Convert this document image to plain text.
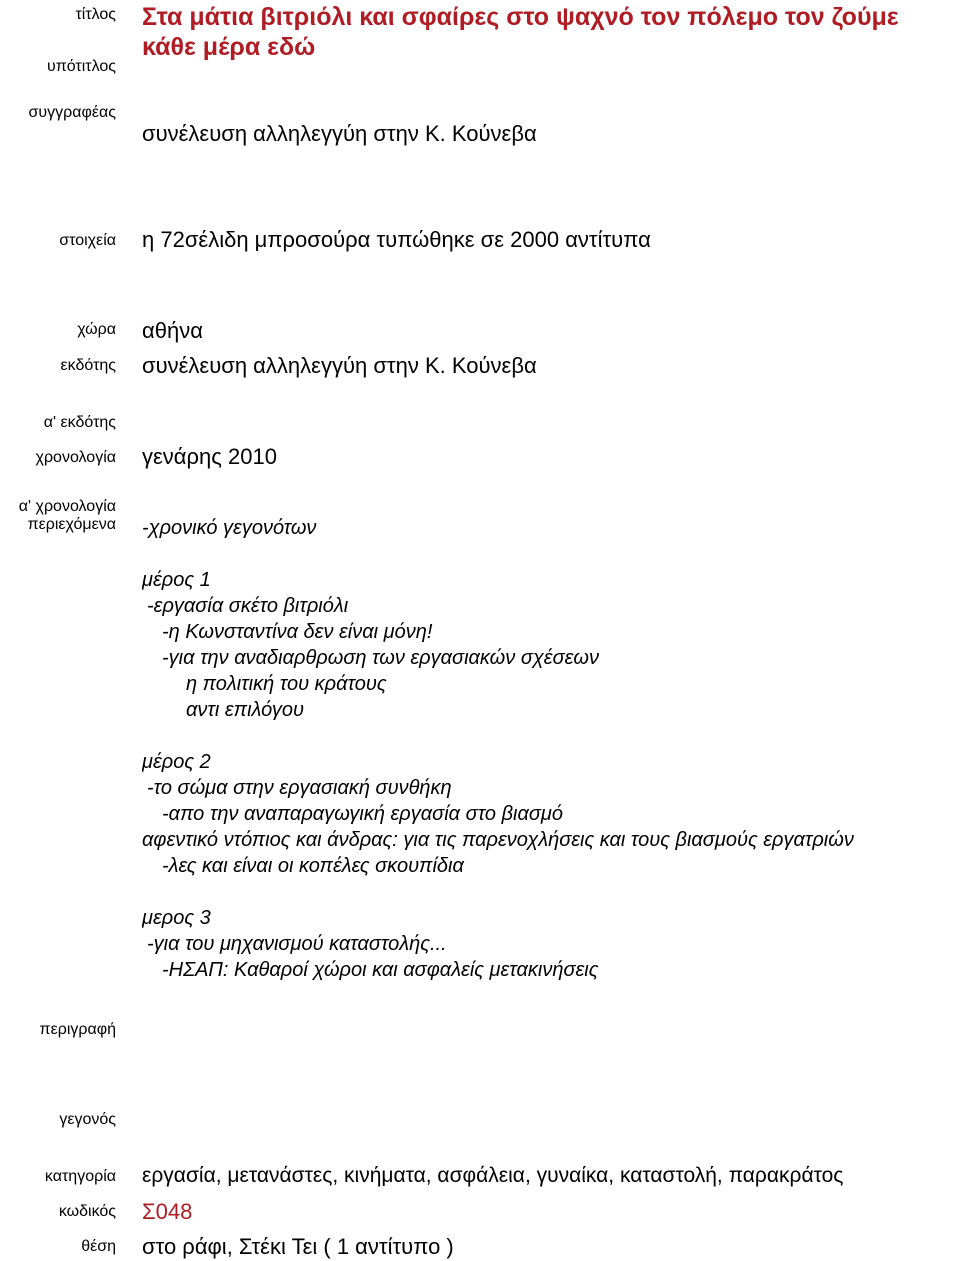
τίτλος
υπότιτλος
συγγραφέας
στοιχεία
χώρα
εκδότης
α' εκδότης
χρονολογία
α' χρονολογία
περιεχόμενα
περιγραφή
γεγονός
κατηγορία
κωδικός
θέση
Στα μάτια βιτριόλι και σφαίρες στο ψαχνό τον πόλεμο τον ζούμε κάθε μέρα εδώ
συνέλευση αλληλεγγύη στην Κ. Κούνεβα
η 72σέλιδη μπροσούρα τυπώθηκε σε 2000 αντίτυπα
αθήνα
συνέλευση αλληλεγγύη στην Κ. Κούνεβα
γενάρης 2010
-χρονικό γεγονότων
μέρος 1
-εργασία σκέτο βιτριόλι
-η Κωνσταντίνα δεν είναι μόνη!
-για την αναδιαρθρωση των εργασιακών σχέσεων
η πολιτική του κράτους
αντι επιλόγου
μέρος 2
-το σώμα στην εργασιακή συνθήκη
-απο την αναπαραγωγική εργασία στο βιασμό
αφεντικό ντόπιος και άνδρας: για τις παρενοχλήσεις και τους βιασμούς εργατριών
-λες και είναι οι κοπέλες σκουπίδια
μερος 3
-για του μηχανισμού καταστολής...
-ΗΣΑΠ: Καθαροί χώροι και ασφαλείς μετακινήσεις
εργασία, μετανάστες, κινήματα, ασφάλεια, γυναίκα, καταστολή, παρακράτος
Σ048
στο ράφι, Στέκι Τει ( 1 αντίτυπο )
